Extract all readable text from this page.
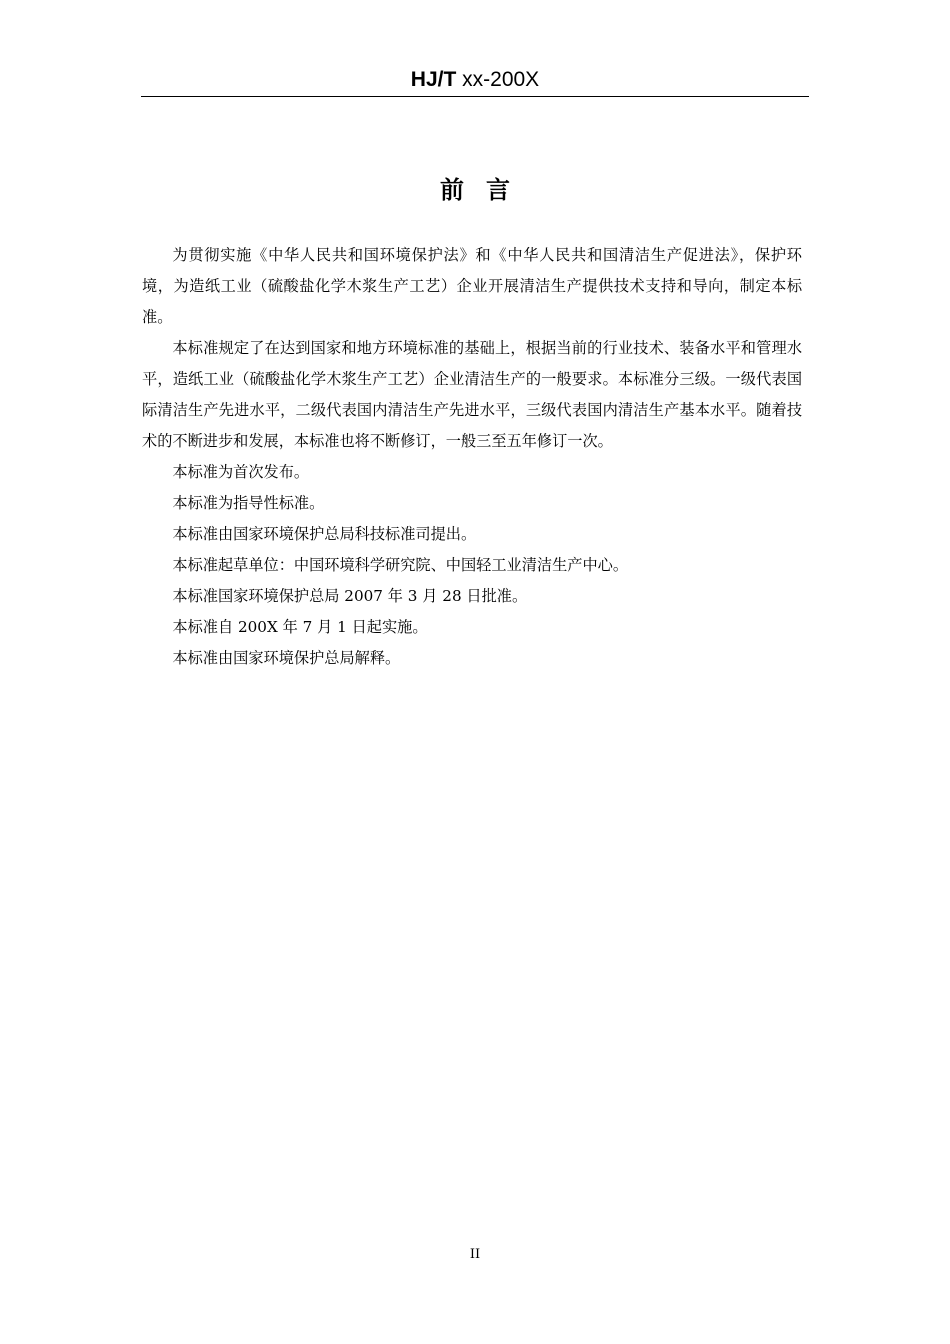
HJ/T xx-200X
前言

为贯彻实施《中华人民共和国环境保护法》和《中华人民共和国清洁生产促进法》，保护环境，为造纸工业（硫酸盐化学木浆生产工艺）企业开展清洁生产提供技术支持和导向，制定本标准。

本标准规定了在达到国家和地方环境标准的基础上，根据当前的行业技术、装备水平和管理水平，造纸工业（硫酸盐化学木浆生产工艺）企业清洁生产的一般要求。本标准分三级。一级代表国际清洁生产先进水平，二级代表国内清洁生产先进水平，三级代表国内清洁生产基本水平。随着技术的不断进步和发展，本标准也将不断修订，一般三至五年修订一次。

本标准为首次发布。

本标准为指导性标准。

本标准由国家环境保护总局科技标准司提出。

本标准起草单位：中国环境科学研究院、中国轻工业清洁生产中心。

本标准国家环境保护总局 2007 年 3 月 28 日批准。

本标准自 200X 年 7 月 1 日起实施。

本标准由国家环境保护总局解释。

II
